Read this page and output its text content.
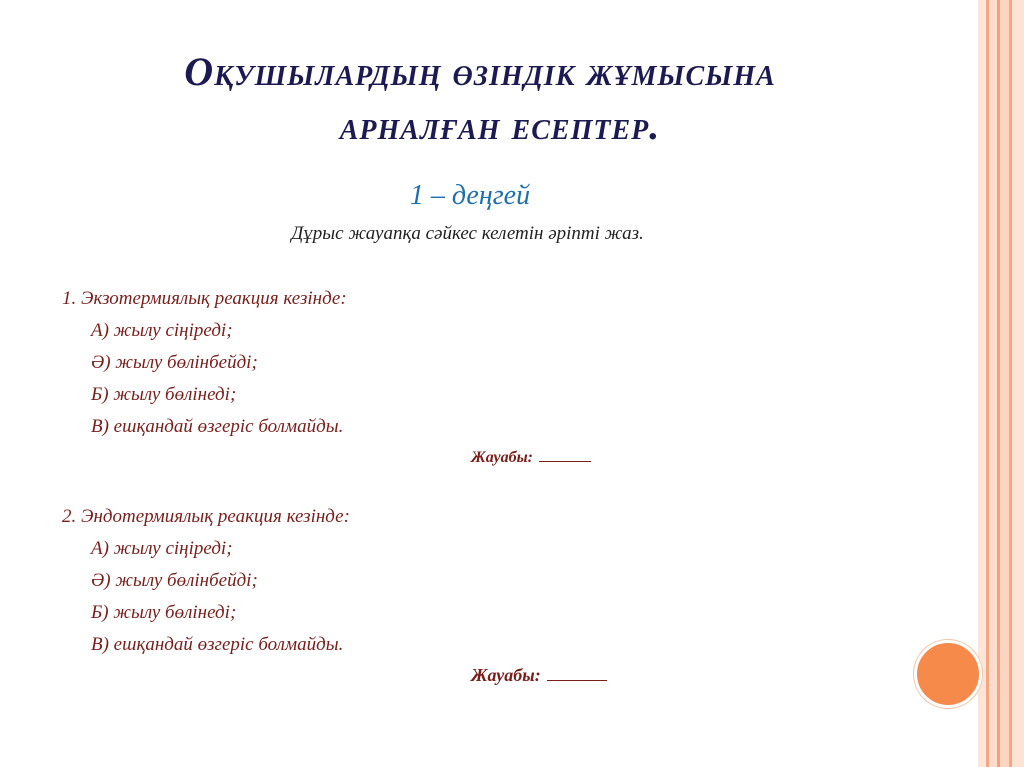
Оқушылардың өзіндік жұмысына
арналған есептер.
1 – деңгей
Дұрыс жауапқа сәйкес келетін әріпті жаз.
1. Экзотермиялық реакция кезінде:
А) жылу сіңіреді;
Ә) жылу бөлінбейді;
Б) жылу бөлінеді;
В) ешқандай өзгеріс болмайды.
Жауабы:
2. Эндотермиялық реакция кезінде:
А) жылу сіңіреді;
Ә) жылу бөлінбейді;
Б) жылу бөлінеді;
В) ешқандай өзгеріс болмайды.
Жауабы:
